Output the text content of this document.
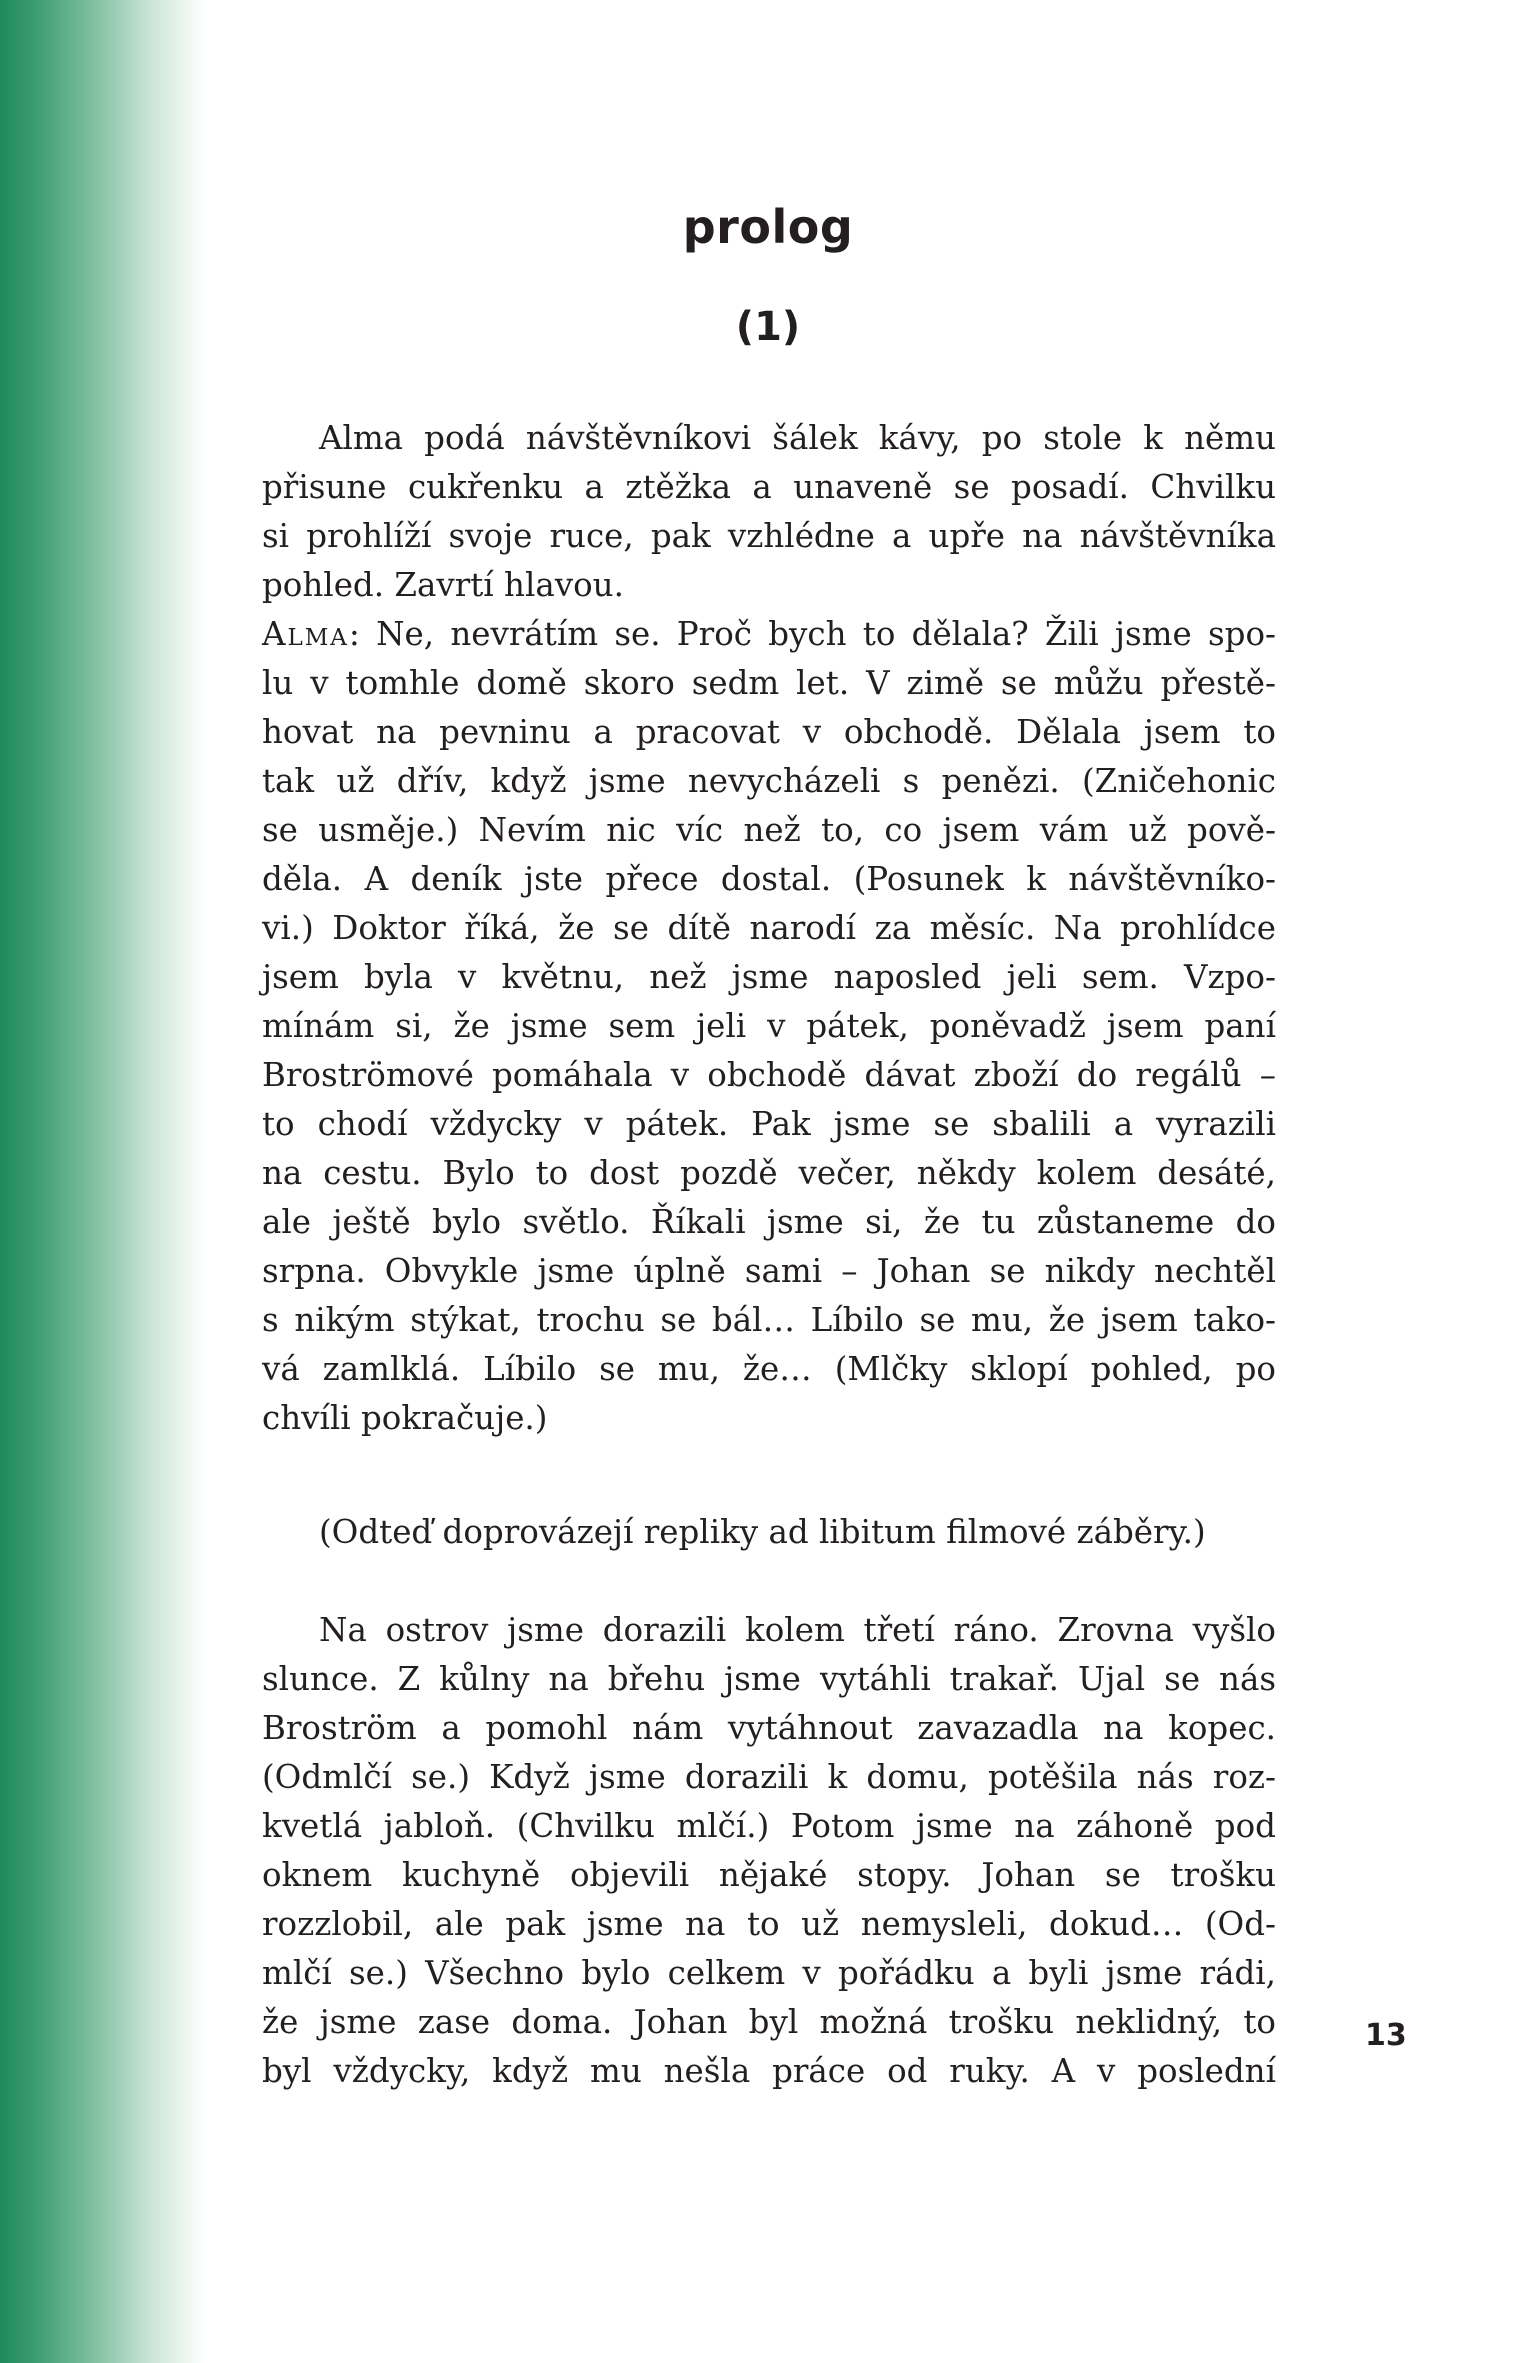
prolog
(1)
Alma podá návštěvníkovi šálek kávy, po stole k němu
přisune cukřenku a ztěžka a unaveně se posadí. Chvilku
si prohlíží svoje ruce, pak vzhlédne a upře na návštěvníka
pohled. Zavrtí hlavou.
Alma: Ne, nevrátím se. Proč bych to dělala? Žili jsme spo-
lu v tomhle domě skoro sedm let. V zimě se můžu přestě-
hovat na pevninu a pracovat v obchodě. Dělala jsem to
tak už dřív, když jsme nevycházeli s penězi. (Zničehonic
se usměje.) Nevím nic víc než to, co jsem vám už pově-
děla. A deník jste přece dostal. (Posunek k návštěvníko-
vi.) Doktor říká, že se dítě narodí za měsíc. Na prohlídce
jsem byla v květnu, než jsme naposled jeli sem. Vzpo-
mínám si, že jsme sem jeli v pátek, poněvadž jsem paní
Broströmové pomáhala v obchodě dávat zboží do regálů –
to chodí vždycky v pátek. Pak jsme se sbalili a vyrazili
na cestu. Bylo to dost pozdě večer, někdy kolem desáté,
ale ještě bylo světlo. Říkali jsme si, že tu zůstaneme do
srpna. Obvykle jsme úplně sami – Johan se nikdy nechtěl
s nikým stýkat, trochu se bál… Líbilo se mu, že jsem tako-
vá zamlklá. Líbilo se mu, že… (Mlčky sklopí pohled, po
chvíli pokračuje.)

(Odteď doprovázejí repliky ad libitum filmové záběry.)

Na ostrov jsme dorazili kolem třetí ráno. Zrovna vyšlo
slunce. Z kůlny na břehu jsme vytáhli trakař. Ujal se nás
Broström a pomohl nám vytáhnout zavazadla na kopec.
(Odmlčí se.) Když jsme dorazili k domu, potěšila nás roz-
kvetlá jabloň. (Chvilku mlčí.) Potom jsme na záhoně pod
oknem kuchyně objevili nějaké stopy. Johan se trošku
rozzlobil, ale pak jsme na to už nemysleli, dokud… (Od-
mlčí se.) Všechno bylo celkem v pořádku a byli jsme rádi,
že jsme zase doma. Johan byl možná trošku neklidný, to
byl vždycky, když mu nešla práce od ruky. A v poslední
13
